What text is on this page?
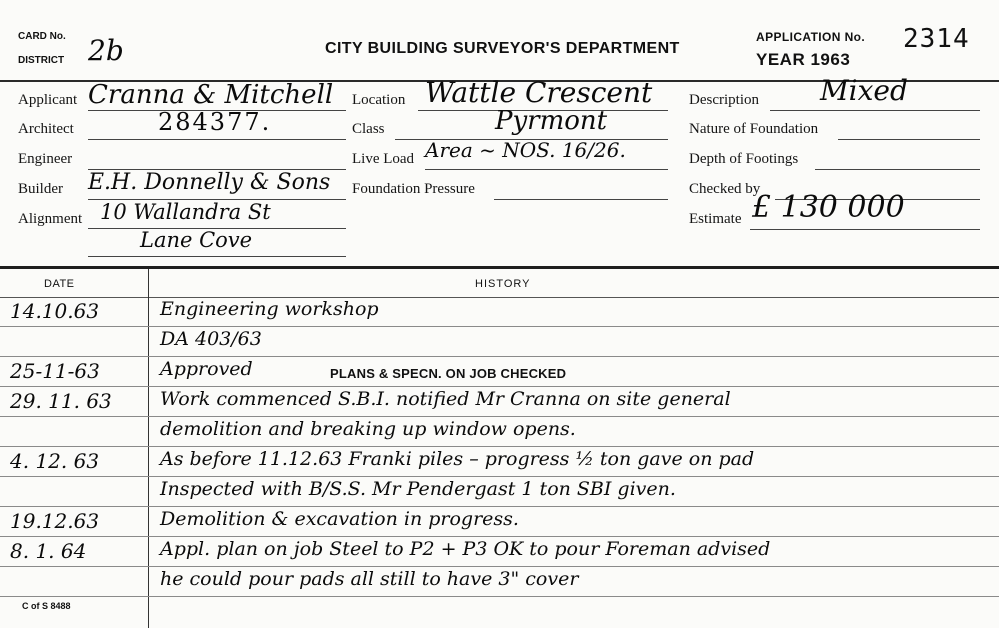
CARD No.
DISTRICT 2b	CITY BUILDING SURVEYOR'S DEPARTMENT
APPLICATION No. 2314
YEAR 1963
Applicant Cranna & Mitchell
Architect	284377.
Engineer
Builder E.H. Donnelly & Sons
Alignment 10 Wallandra St
Lane Cove
Location Wattle Crescent
Class	Pyrmont
Live Load Area ~ NOS. 16/26.
Foundation Pressure
Description Mixed
Nature of Foundation
Depth of Footings
Checked by
Estimate £ 130 000
DATE	HISTORY
14.10.63	Engineering workshop
DA 403/63
25-11-63	Approved	PLANS & SPECN. ON JOB CHECKED
29. 11. 63	Work commenced S.B.I. notified Mr Cranna on site general
demolition and breaking up window opens.
4. 12. 63	As before 11.12.63 Franki piles – progress ½ ton gave on pad
Inspected with B/S.S. Mr Pendergast 1 ton SBI given.
19.12.63	Demolition & excavation in progress.
8. 1. 64	Appl. plan on job Steel to P2 + P3 OK to pour Foreman advised
he could pour pads all still to have 3" cover
C of S 8488
